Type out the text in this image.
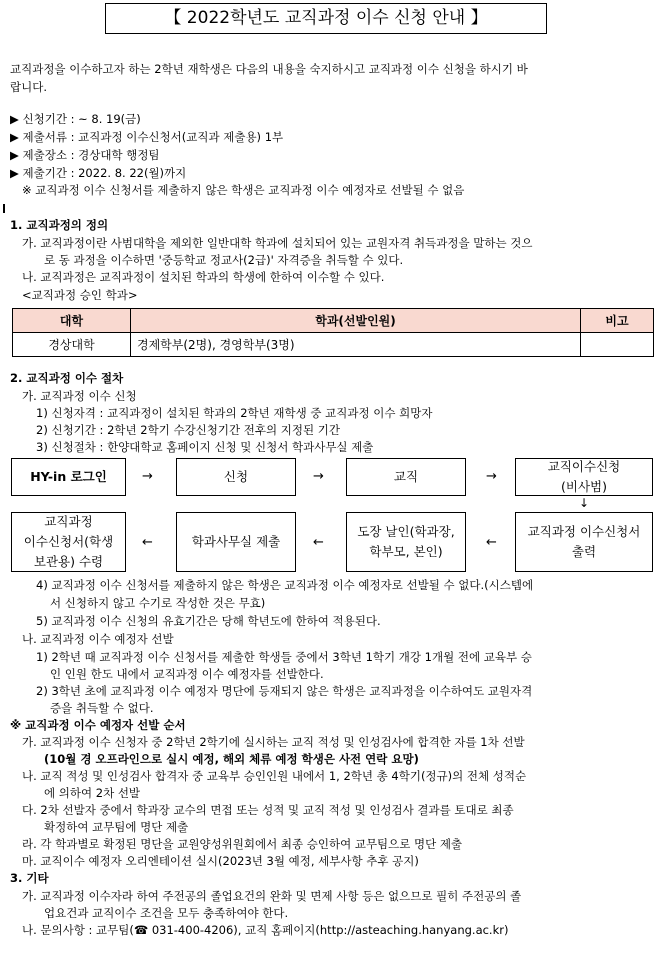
【 2022학년도 교직과정 이수 신청 안내 】
교직과정을 이수하고자 하는 2학년 재학생은 다음의 내용을 숙지하시고 교직과정 이수 신청을 하시기 바
랍니다.
▶ 신청기간 : ~ 8. 19(금)
▶ 제출서류 : 교직과정 이수신청서(교직과 제출용) 1부
▶ 제출장소 : 경상대학 행정팀
▶ 제출기간 : 2022. 8. 22(월)까지
※ 교직과정 이수 신청서를 제출하지 않은 학생은 교직과정 이수 예정자로 선발될 수 없음
1. 교직과정의 정의
가. 교직과정이란 사범대학을 제외한 일반대학 학과에 설치되어 있는 교원자격 취득과정을 말하는 것으
로 동 과정을 이수하면 '중등학교 정교사(2급)' 자격증을 취득할 수 있다.
나. 교직과정은 교직과정이 설치된 학과의 학생에 한하여 이수할 수 있다.
<교직과정 승인 학과>
대학	학과(선발인원)	비고
경상대학	경제학부(2명), 경영학부(3명)	
2. 교직과정 이수 절차
가. 교직과정 이수 신청
1) 신청자격 : 교직과정이 설치된 학과의 2학년 재학생 중 교직과정 이수 희망자
2) 신청기간 : 2학년 2학기 수강신청기간 전후의 지정된 기간
3) 신청절차 : 한양대학교 홈페이지 신청 및 신청서 학과사무실 제출
HY-in 로그인	→	신청	→	교직	→
교직이수신청
(비사범)
↓
교직과정
이수신청서(학생
보관용) 수령
←	학과사무실 제출	←
도장 날인(학과장,
학부모, 본인)
←
교직과정 이수신청서
출력
4) 교직과정 이수 신청서를 제출하지 않은 학생은 교직과정 이수 예정자로 선발될 수 없다.(시스템에
서 신청하지 않고 수기로 작성한 것은 무효)
5) 교직과정 이수 신청의 유효기간은 당해 학년도에 한하여 적용된다.
나. 교직과정 이수 예정자 선발
1) 2학년 때 교직과정 이수 신청서를 제출한 학생들 중에서 3학년 1학기 개강 1개월 전에 교육부 승
인 인원 한도 내에서 교직과정 이수 예정자를 선발한다.
2) 3학년 초에 교직과정 이수 예정자 명단에 등재되지 않은 학생은 교직과정을 이수하여도 교원자격
증을 취득할 수 없다.
※ 교직과정 이수 예정자 선발 순서
가. 교직과정 이수 신청자 중 2학년 2학기에 실시하는 교직 적성 및 인성검사에 합격한 자를 1차 선발
(10월 경 오프라인으로 실시 예정, 해외 체류 예정 학생은 사전 연락 요망)
나. 교직 적성 및 인성검사 합격자 중 교육부 승인인원 내에서 1, 2학년 총 4학기(정규)의 전체 성적순
에 의하여 2차 선발
다. 2차 선발자 중에서 학과장 교수의 면접 또는 성적 및 교직 적성 및 인성검사 결과를 토대로 최종
확정하여 교무팀에 명단 제출
라. 각 학과별로 확정된 명단을 교원양성위원회에서 최종 승인하여 교무팀으로 명단 제출
마. 교직이수 예정자 오리엔테이션 실시(2023년 3월 예정, 세부사항 추후 공지)
3. 기타
가. 교직과정 이수자라 하여 주전공의 졸업요건의 완화 및 면제 사항 등은 없으므로 필히 주전공의 졸
업요건과 교직이수 조건을 모두 충족하여야 한다.
나. 문의사항 : 교무팀(☎ 031-400-4206), 교직 홈페이지(http://asteaching.hanyang.ac.kr)
